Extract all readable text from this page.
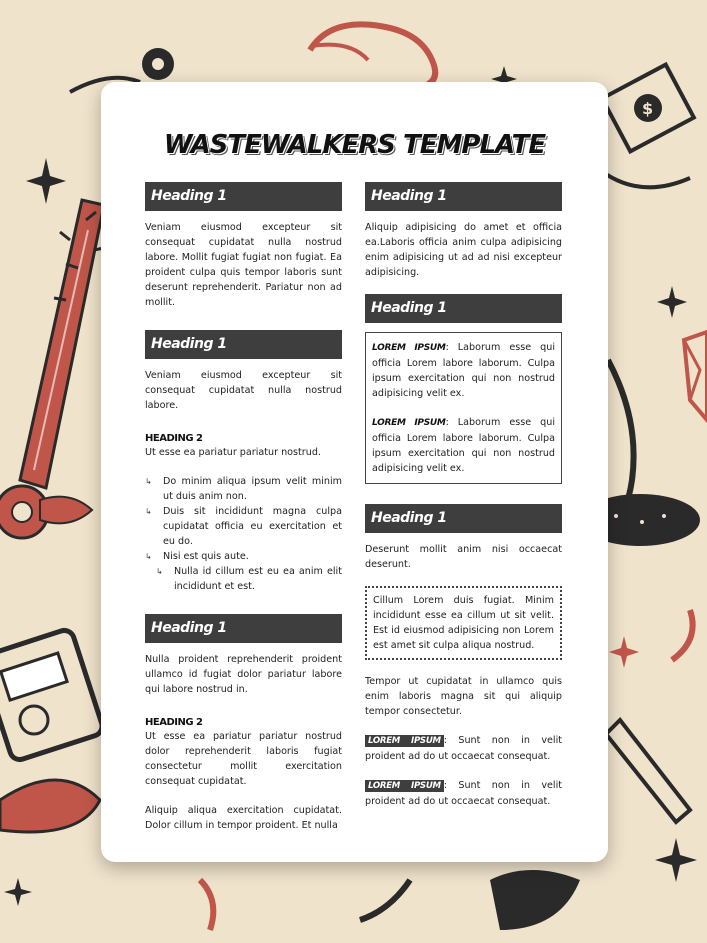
$
WASTEWALKERS TEMPLATE
Heading 1

Veniam eiusmod excepteur sit consequat cupidatat nulla nostrud labore. Mollit fugiat fugiat non fugiat. Ea proident culpa quis tempor laboris sunt deserunt reprehenderit. Pariatur non ad mollit.

Heading 1

Veniam eiusmod excepteur sit consequat cupidatat nulla nostrud labore.

HEADING 2

Ut esse ea pariatur pariatur nostrud.

↳ Do minim aliqua ipsum velit minim ut duis anim non.
↳ Duis sit incididunt magna culpa cupidatat officia eu exercitation et eu do.
↳ Nisi est quis aute.
↳ Nulla id cillum est eu ea anim elit incididunt et est.
Heading 1

Nulla proident reprehenderit proident ullamco id fugiat dolor pariatur labore qui labore nostrud in.

HEADING 2

Ut esse ea pariatur pariatur nostrud dolor reprehenderit laboris fugiat consectetur mollit exercitation consequat cupidatat.

Aliquip aliqua exercitation cupidatat. Dolor cillum in tempor proident. Et nulla

Heading 1

Aliquip adipisicing do amet et officia ea.Laboris officia anim culpa adipisicing enim adipisicing ut ad ad nisi excepteur adipisicing.

Heading 1

LOREM IPSUM: Laborum esse qui officia Lorem labore laborum. Culpa ipsum exercitation qui non nostrud adipisicing velit ex.

LOREM IPSUM: Laborum esse qui officia Lorem labore laborum. Culpa ipsum exercitation qui non nostrud adipisicing velit ex.

Heading 1

Deserunt mollit anim nisi occaecat deserunt.

Cillum Lorem duis fugiat. Minim incididunt esse ea cillum ut sit velit. Est id eiusmod adipisicing non Lorem est amet sit culpa aliqua nostrud.

Tempor ut cupidatat in ullamco quis enim laboris magna sit qui aliquip tempor consectetur.

LOREM IPSUM : Sunt non in velit proident ad do ut occaecat consequat.

LOREM IPSUM : Sunt non in velit proident ad do ut occaecat consequat.
